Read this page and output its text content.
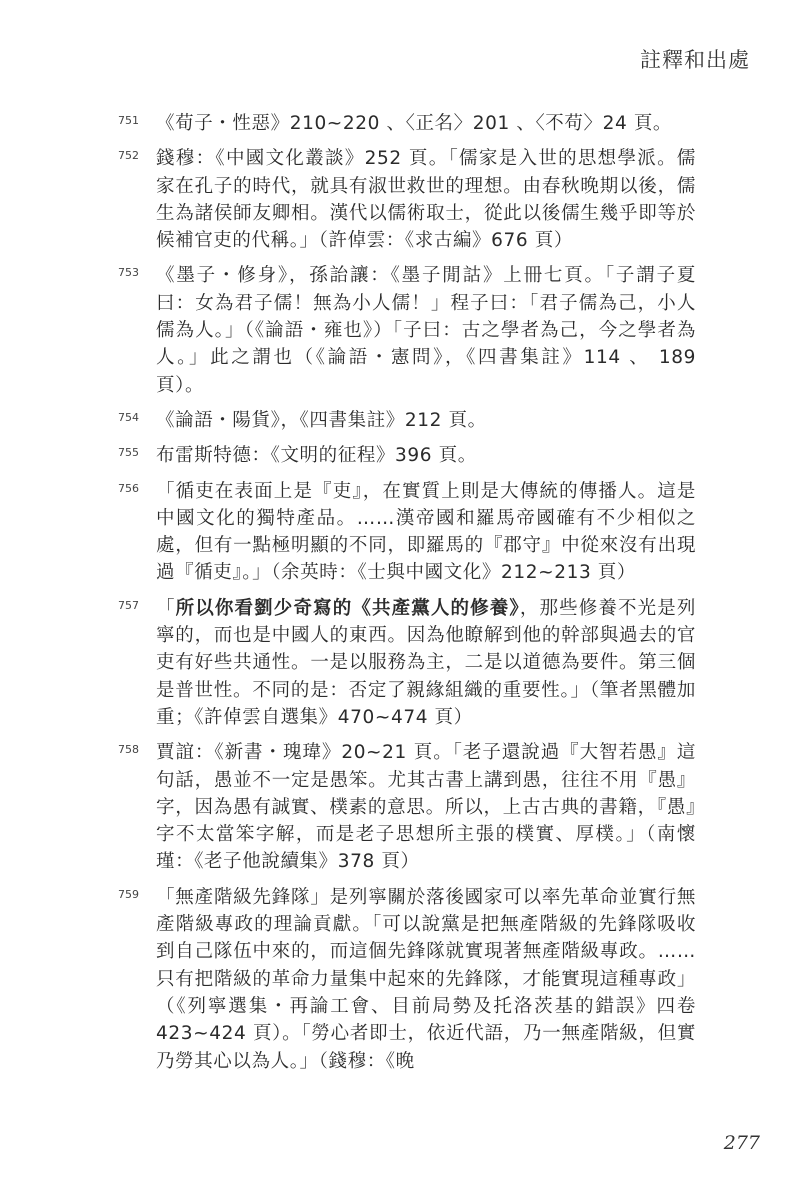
註釋和出處
751 《荀子・性惡》210~220 、〈正名〉201 、〈不苟〉24 頁。
752 錢穆：《中國文化叢談》252 頁。「儒家是入世的思想學派。儒家在孔子的時代，就具有淑世救世的理想。由春秋晚期以後，儒生為諸侯師友卿相。漢代以儒術取士，從此以後儒生幾乎即等於候補官吏的代稱。」（許倬雲：《求古編》676 頁）
753 《墨子・修身》，孫詒讓：《墨子閒詁》上冊七頁。「子謂子夏曰：女為君子儒！無為小人儒！」程子曰：「君子儒為己，小人儒為人。」（《論語・雍也》）「子曰：古之學者為己，今之學者為人。」此之謂也（《論語・憲問》，《四書集註》114 、 189 頁）。
754 《論語・陽貨》，《四書集註》212 頁。
755 布雷斯特德：《文明的征程》396 頁。
756 「循吏在表面上是『吏』，在實質上則是大傳統的傳播人。這是中國文化的獨特產品。……漢帝國和羅馬帝國確有不少相似之處，但有一點極明顯的不同，即羅馬的『郡守』中從來沒有出現過『循吏』。」（余英時：《士與中國文化》212~213 頁）
757 「所以你看劉少奇寫的《共產黨人的修養》，那些修養不光是列寧的，而也是中國人的東西。因為他瞭解到他的幹部與過去的官吏有好些共通性。一是以服務為主，二是以道德為要件。第三個是普世性。不同的是：否定了親緣組織的重要性。」（筆者黑體加重；《許倬雲自選集》470~474 頁）
758 賈誼：《新書・瑰瑋》20~21 頁。「老子還說過『大智若愚』這句話，愚並不一定是愚笨。尤其古書上講到愚，往往不用『愚』字，因為愚有誠實、樸素的意思。所以，上古古典的書籍，『愚』字不太當笨字解，而是老子思想所主張的樸實、厚樸。」（南懷瑾：《老子他說續集》378 頁）
759 「無產階級先鋒隊」是列寧關於落後國家可以率先革命並實行無產階級專政的理論貢獻。「可以說黨是把無產階級的先鋒隊吸收到自己隊伍中來的，而這個先鋒隊就實現著無產階級專政。……只有把階級的革命力量集中起來的先鋒隊，才能實現這種專政」（《列寧選集・再論工會、目前局勢及托洛茨基的錯誤》四卷 423~424 頁）。「勞心者即士，依近代語，乃一無產階級，但實乃勞其心以為人。」（錢穆：《晚
277
